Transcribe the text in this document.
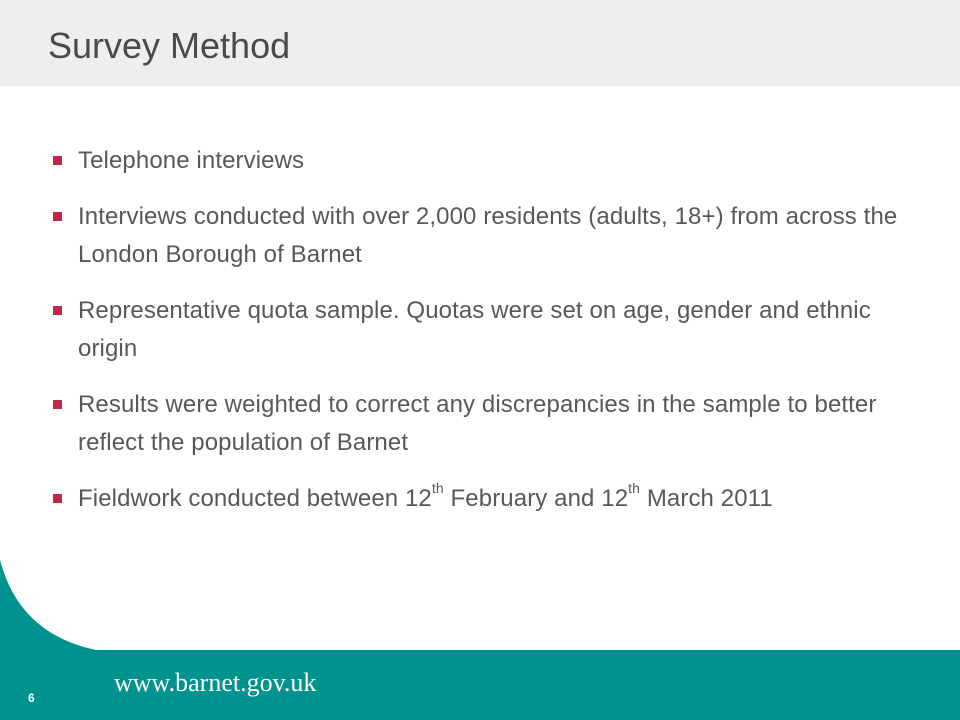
Survey Method
Telephone interviews
Interviews conducted with over 2,000 residents (adults, 18+) from across the London Borough of Barnet
Representative quota sample. Quotas were set on age, gender and ethnic origin
Results were weighted to correct any discrepancies in the sample to better reflect the population of Barnet
Fieldwork conducted between 12th February and 12th March 2011
6
www.barnet.gov.uk
